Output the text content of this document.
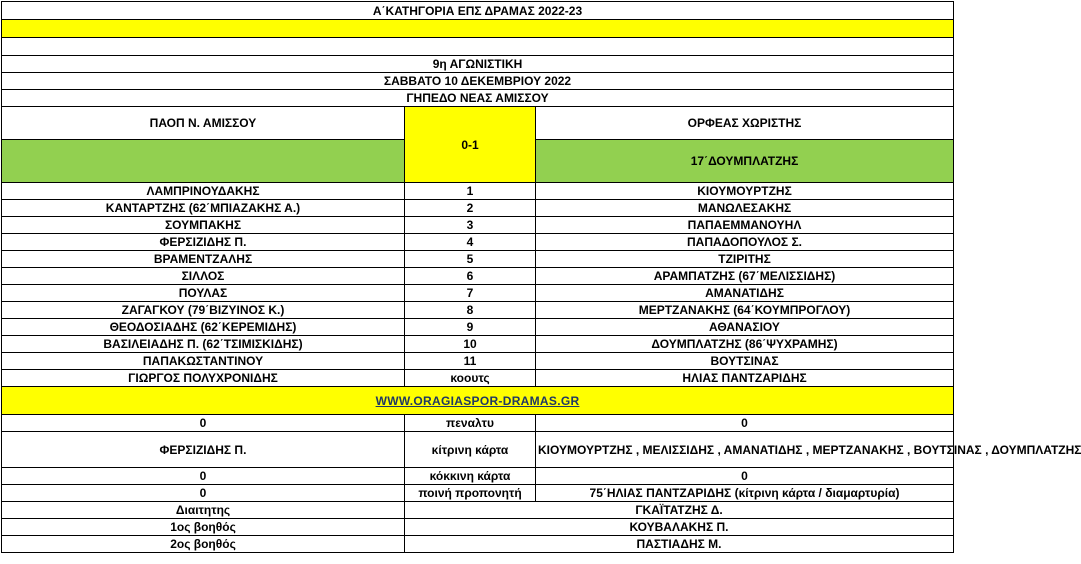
Α΄ΚΑΤΗΓΟΡΙΑ ΕΠΣ ΔΡΑΜΑΣ 2022-23		

9η ΑΓΩΝΙΣΤΙΚΗ		
ΣΑΒΒΑΤΟ 10 ΔΕΚΕΜΒΡΙΟΥ 2022		
ΓΗΠΕΔΟ ΝΕΑΣ ΑΜΙΣΣΟΥ		
ΠΑΟΠ Ν. ΑΜΙΣΣΟΥ	0-1	ΟΡΦΕΑΣ ΧΩΡΙΣΤΗΣ
		17΄ΔΟΥΜΠΛΑΤΖΗΣ
ΛΑΜΠΡΙΝΟΥΔΑΚΗΣ	1	ΚΙΟΥΜΟΥΡΤΖΗΣ
ΚΑΝΤΑΡΤΖΗΣ (62΄ΜΠΙΑΖΑΚΗΣ Α.)	2	ΜΑΝΩΛΕΣΑΚΗΣ
ΣΟΥΜΠΑΚΗΣ	3	ΠΑΠΑΕΜΜΑΝΟΥΗΛ
ΦΕΡΣΙΖΙΔΗΣ Π.	4	ΠΑΠΑΔΟΠΟΥΛΟΣ Σ.
ΒΡΑΜΕΝΤΖΑΛΗΣ	5	ΤΖΙΡΙΤΗΣ
ΣΙΛΛΟΣ	6	ΑΡΑΜΠΑΤΖΗΣ (67΄ΜΕΛΙΣΣΙΔΗΣ)
ΠΟΥΛΑΣ	7	ΑΜΑΝΑΤΙΔΗΣ
ΖΑΓΑΓΚΟΥ (79΄ΒΙΖΥΙΝΟΣ Κ.)	8	ΜΕΡΤΖΑΝΑΚΗΣ (64΄ΚΟΥΜΠΡΟΓΛΟΥ)
ΘΕΟΔΟΣΙΑΔΗΣ (62΄ΚΕΡΕΜΙΔΗΣ)	9	ΑΘΑΝΑΣΙΟΥ
ΒΑΣΙΛΕΙΑΔΗΣ Π. (62΄ΤΣΙΜΙΣΚΙΔΗΣ)	10	ΔΟΥΜΠΛΑΤΖΗΣ (86΄ΨΥΧΡΑΜΗΣ)
ΠΑΠΑΚΩΣΤΑΝΤΙΝΟΥ	11	ΒΟΥΤΣΙΝΑΣ
ΓΙΩΡΓΟΣ ΠΟΛΥΧΡΟΝΙΔΗΣ	κοουτς	ΗΛΙΑΣ ΠΑΝΤΖΑΡΙΔΗΣ
WWW.ORAGIASPOR-DRAMAS.GR		
0	πεναλτυ	0
ΦΕΡΣΙΖΙΔΗΣ Π.	κίτρινη κάρτα	ΚΙΟΥΜΟΥΡΤΖΗΣ , ΜΕΛΙΣΣΙΔΗΣ , ΑΜΑΝΑΤΙΔΗΣ , ΜΕΡΤΖΑΝΑΚΗΣ , ΒΟΥΤΣΙΝΑΣ , ΔΟΥΜΠΛΑΤΖΗΣ
0	κόκκινη κάρτα	0
0	ποινή προπονητή	75΄ΗΛΙΑΣ ΠΑΝΤΖΑΡΙΔΗΣ (κίτρινη κάρτα / διαμαρτυρία)
Διαιτητης	ΓΚΑΪΤΑΤΖΗΣ Δ.	
1ος βοηθός	ΚΟΥΒΑΛΑΚΗΣ Π.	
2ος βοηθός	ΠΑΣΤΙΑΔΗΣ Μ.	
